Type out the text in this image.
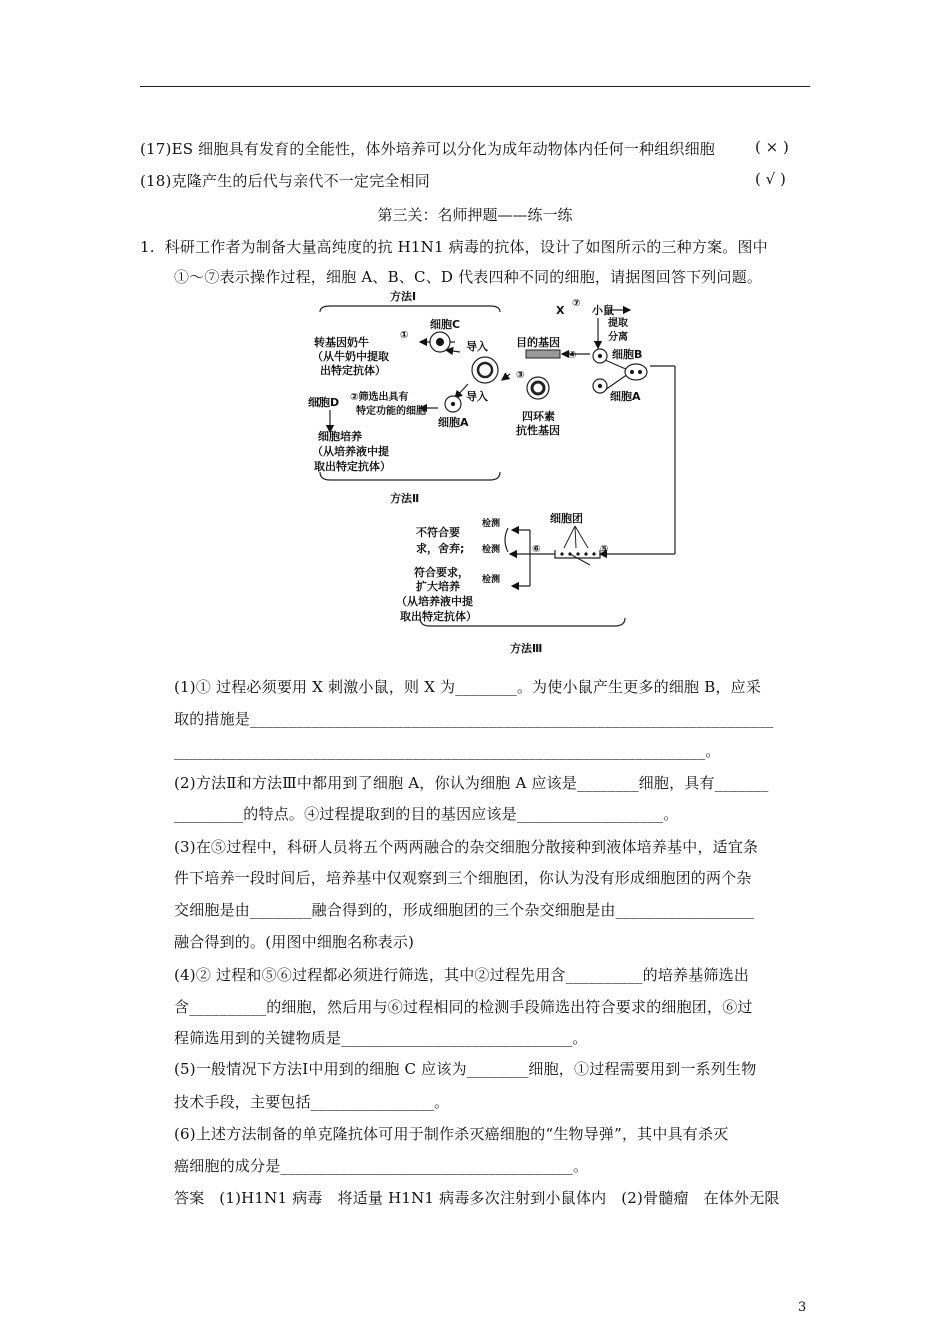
(17)ES 细胞具有发育的全能性，体外培养可以分化为成年动物体内任何一种组织细胞	( × )
(18)克隆产生的后代与亲代不一定完全相同	( √ )
第三关：名师押题——练一练
1.  科研工作者为制备大量高纯度的抗 H1N1 病毒的抗体，设计了如图所示的三种方案。图中
①～⑦表示操作过程，细胞 A、B、C、D 代表四种不同的细胞，请据图回答下列问题。
方法Ⅰ
方法Ⅱ
方法Ⅲ
X
⑦
小鼠
提取
分离
细胞B
细胞A
④
目的基因
细胞C
导入
导入
③
四环素
抗性基因
细胞A
①
转基因奶牛
（从牛奶中提取
出特定抗体）
细胞D ②筛选出具有
特定功能的细胞
细胞培养
（从培养液中提
取出特定抗体）
细胞团
⑤
⑥
检测
检测
检测
不符合要
求，舍弃;
符合要求，
扩大培养
（从培养液中提
取出特定抗体）
(1)① 过程必须要用 X 刺激小鼠，则 X 为________。为使小鼠产生更多的细胞 B，应采
取的措施是____________________________________________________________________
_____________________________________________________________________。
(2)方法Ⅱ和方法Ⅲ中都用到了细胞 A，你认为细胞 A 应该是________细胞，具有_______
_________的特点。④过程提取到的目的基因应该是___________________。
(3)在⑤过程中，科研人员将五个两两融合的杂交细胞分散接种到液体培养基中，适宜条
件下培养一段时间后，培养基中仅观察到三个细胞团，你认为没有形成细胞团的两个杂
交细胞是由________融合得到的，形成细胞团的三个杂交细胞是由__________________
融合得到的。(用图中细胞名称表示)
(4)② 过程和⑤⑥过程都必须进行筛选，其中②过程先用含__________的培养基筛选出
含__________的细胞，然后用与⑥过程相同的检测手段筛选出符合要求的细胞团，⑥过
程筛选用到的关键物质是______________________________。
(5)一般情况下方法Ⅰ中用到的细胞 C 应该为________细胞，①过程需要用到一系列生物
技术手段，主要包括________________。
(6)上述方法制备的单克隆抗体可用于制作杀灭癌细胞的“生物导弹”，其中具有杀灭
癌细胞的成分是______________________________________。
答案   (1)H1N1 病毒   将适量 H1N1 病毒多次注射到小鼠体内   (2)骨髓瘤   在体外无限
3
